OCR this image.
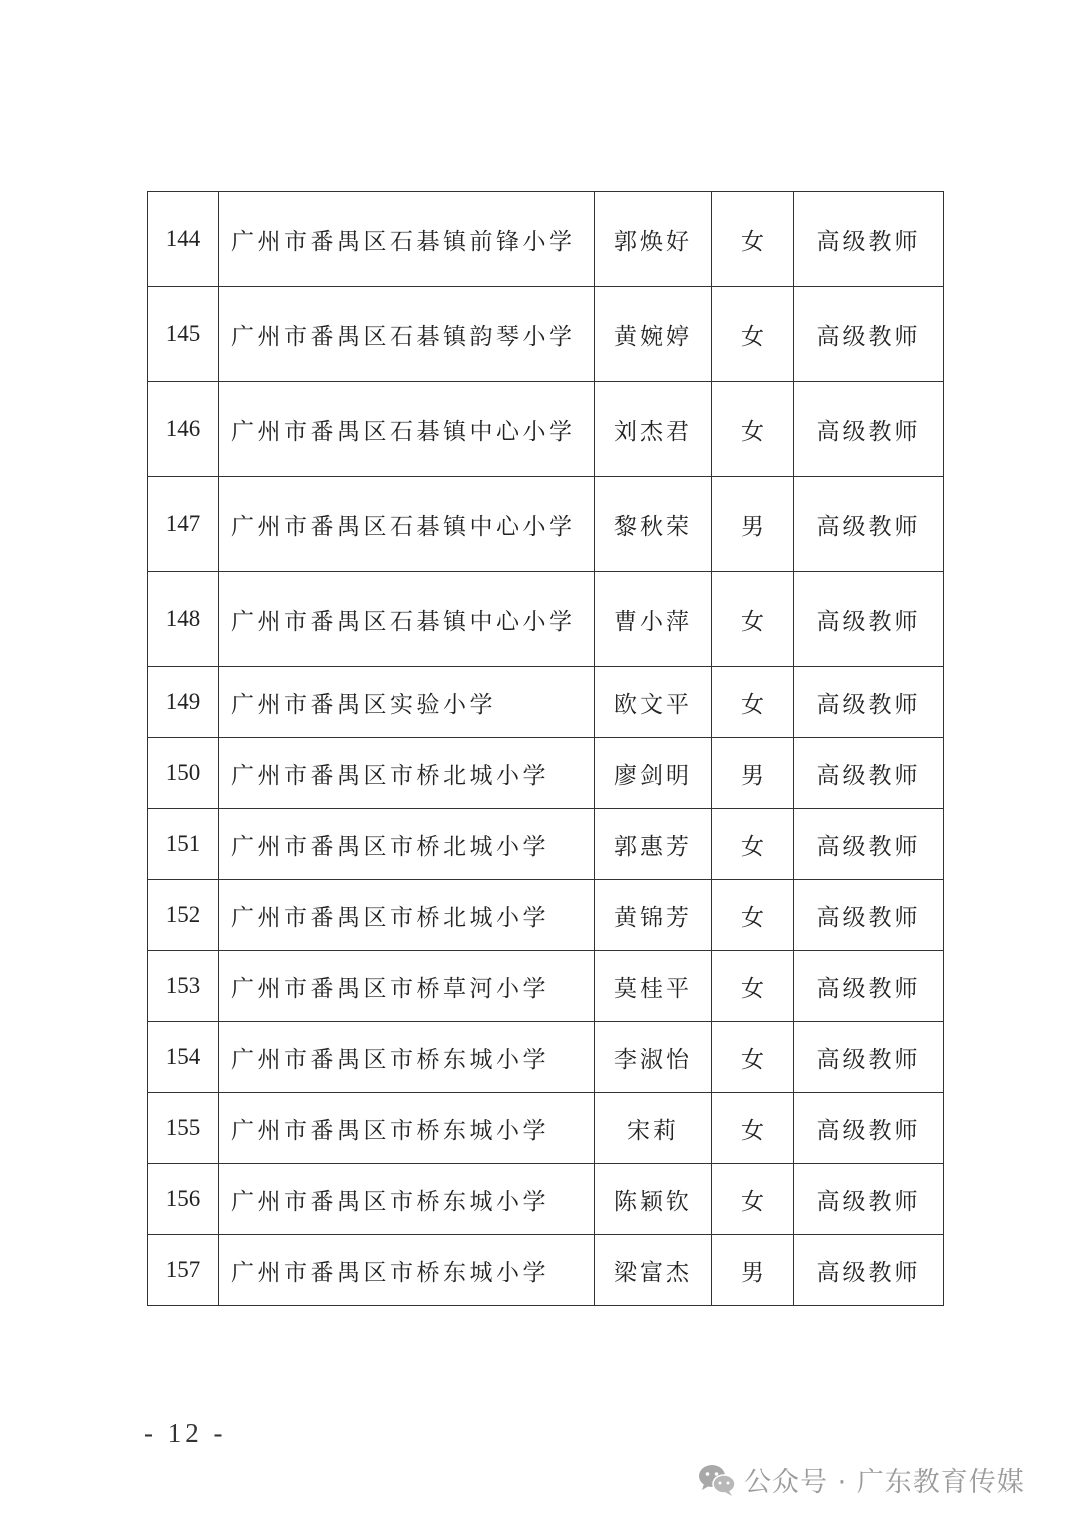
144	广州市番禺区石碁镇前锋小学	郭焕好	女	高级教师
145	广州市番禺区石碁镇韵琴小学	黄婉婷	女	高级教师
146	广州市番禺区石碁镇中心小学	刘杰君	女	高级教师
147	广州市番禺区石碁镇中心小学	黎秋荣	男	高级教师
148	广州市番禺区石碁镇中心小学	曹小萍	女	高级教师
149	广州市番禺区实验小学	欧文平	女	高级教师
150	广州市番禺区市桥北城小学	廖剑明	男	高级教师
151	广州市番禺区市桥北城小学	郭惠芳	女	高级教师
152	广州市番禺区市桥北城小学	黄锦芳	女	高级教师
153	广州市番禺区市桥草河小学	莫桂平	女	高级教师
154	广州市番禺区市桥东城小学	李淑怡	女	高级教师
155	广州市番禺区市桥东城小学	宋莉	女	高级教师
156	广州市番禺区市桥东城小学	陈颖钦	女	高级教师
157	广州市番禺区市桥东城小学	梁富杰	男	高级教师
- 12 -
公众号 · 广东教育传媒
